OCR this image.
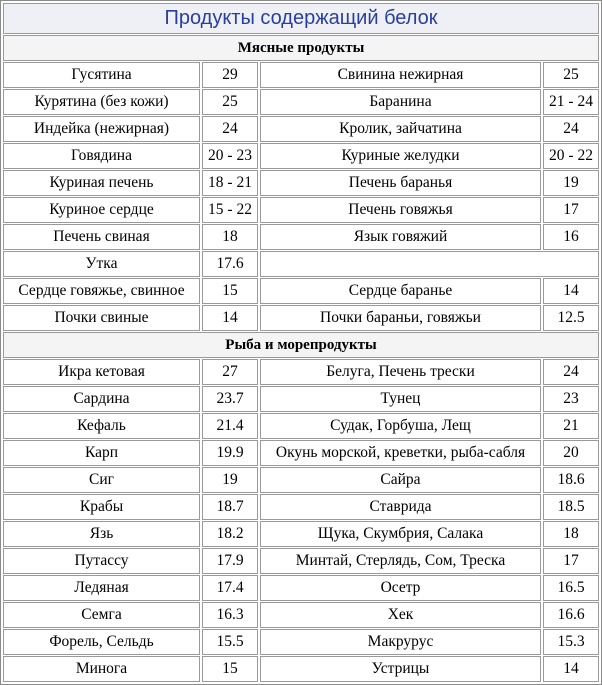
Продукты содержащий белок
Мясные продукты
Гусятина	29	Свинина нежирная	25
Курятина (без кожи)	25	Баранина	21 - 24
Индейка (нежирная)	24	Кролик, зайчатина	24
Говядина	20 - 23	Куриные желудки	20 - 22
Куриная печень	18 - 21	Печень баранья	19
Куриное сердце	15 - 22	Печень говяжья	17
Печень свиная	18	Язык говяжий	16
Утка	17.6
Сердце говяжье, свинное	15	Сердце баранье	14
Почки свиные	14	Почки бараньи, говяжьи	12.5
Рыба и морепродукты
Икра кетовая	27	Белуга, Печень трески	24
Сардина	23.7	Тунец	23
Кефаль	21.4	Судак, Горбуша, Лещ	21
Карп	19.9	Окунь морской, креветки, рыба-сабля	20
Сиг	19	Сайра	18.6
Крабы	18.7	Ставрида	18.5
Язь	18.2	Щука, Скумбрия, Салака	18
Путассу	17.9	Минтай, Стерлядь, Сом, Треска	17
Ледяная	17.4	Осетр	16.5
Семга	16.3	Хек	16.6
Форель, Сельдь	15.5	Макрурус	15.3
Минога	15	Устрицы	14
